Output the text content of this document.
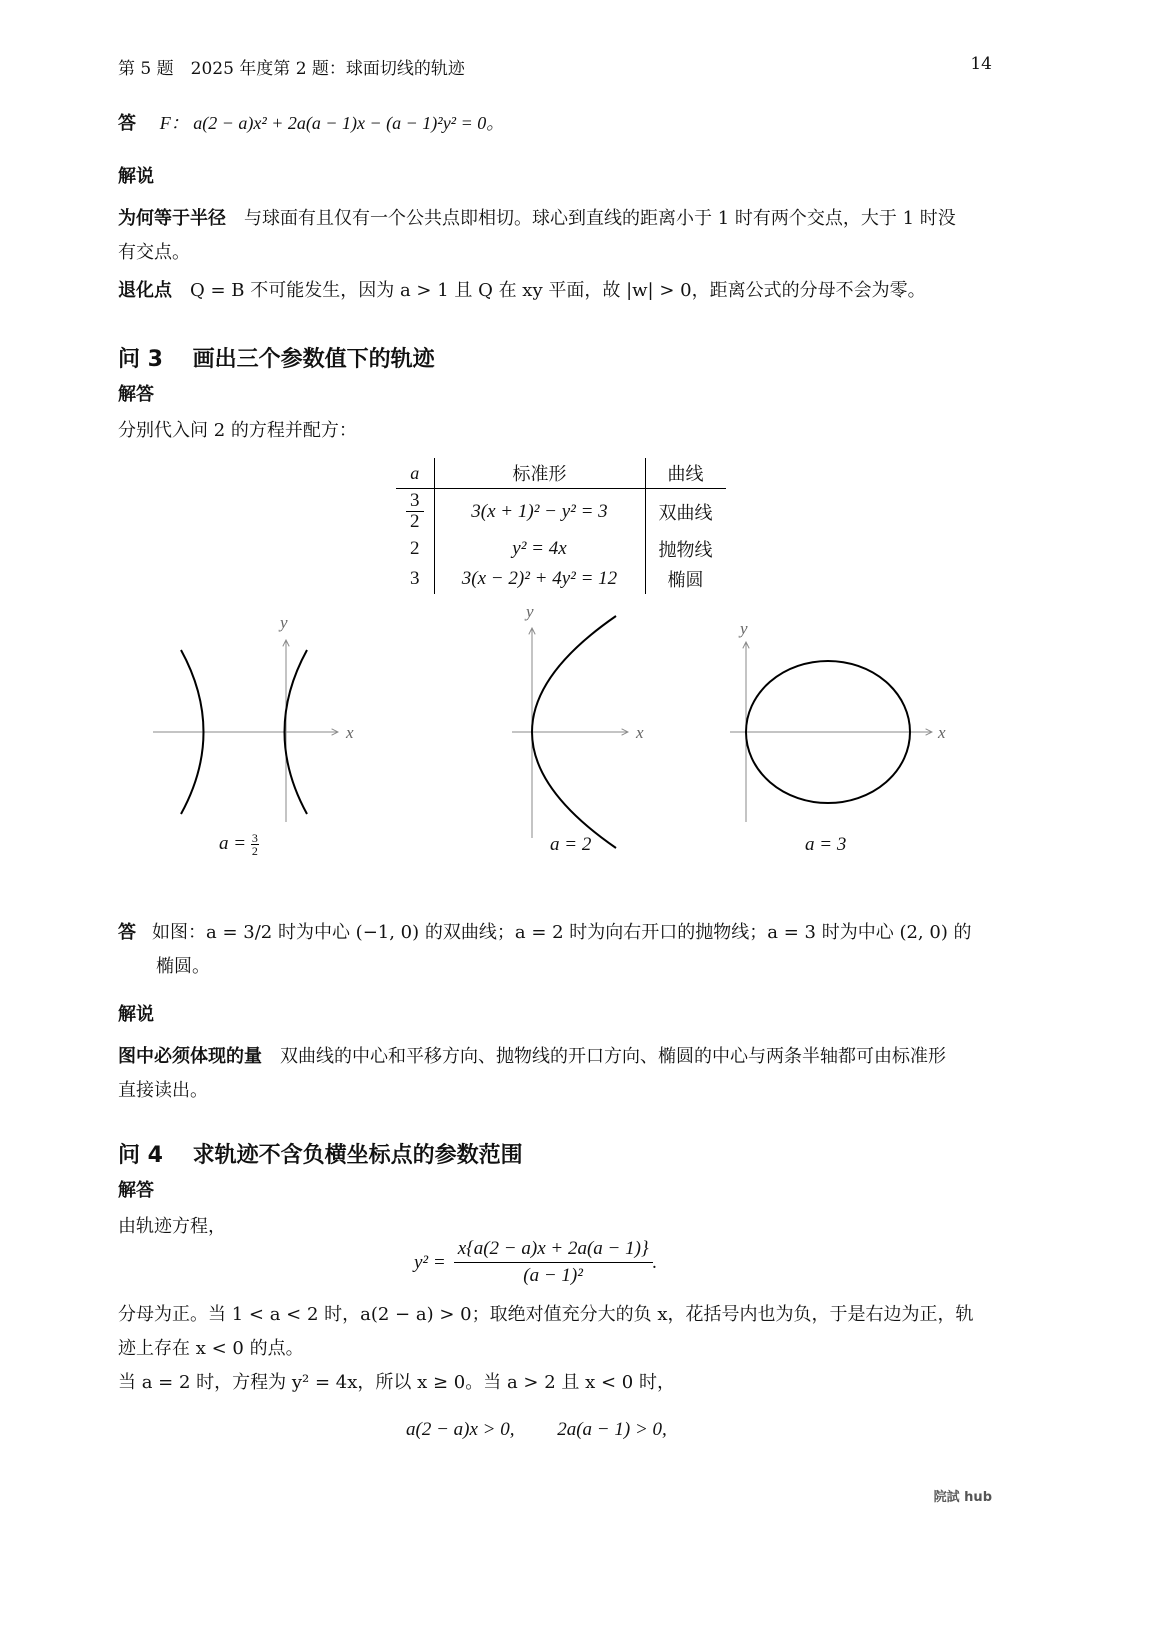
第 5 题　2025 年度第 2 题：球面切线的轨迹	14
答 F： a(2 − a)x² + 2a(a − 1)x − (a − 1)²y² = 0。
解说
为何等于半径 与球面有且仅有一个公共点即相切。球心到直线的距离小于 1 时有两个交点，大于 1 时没
有交点。
退化点 Q = B 不可能发生，因为 a > 1 且 Q 在 xy 平面，故 |w| > 0，距离公式的分母不会为零。
问 3　 画出三个参数值下的轨迹
解答
分别代入问 2 的方程并配方：
a	标准形	曲线

$\frac{3}{2}$	3(x + 1)² − y² = 3	双曲线
2	y² = 4x	抛物线
3	3(x − 2)² + 4y² = 12	椭圆
x
y
x
y
x
y
$a = \frac{3}{2}$	a = 2	a = 3
答 如图：a = 3/2 时为中心 (−1, 0) 的双曲线；a = 2 时为向右开口的抛物线；a = 3 时为中心 (2, 0) 的
椭圆。
解说
图中必须体现的量 双曲线的中心和平移方向、抛物线的开口方向、椭圆的中心与两条半轴都可由标准形
直接读出。
问 4　 求轨迹不含负横坐标点的参数范围
解答
由轨迹方程，
$y^2 = \frac{x\{a(2 - a)x + 2a(a - 1)\}}{\text{(a − 1)²}}$ .
分母为正。当 1 < a < 2 时，a(2 − a) > 0；取绝对值充分大的负 x，花括号内也为负，于是右边为正，轨
迹上存在 x < 0 的点。
当 a = 2 时，方程为 y² = 4x，所以 x ≥ 0。当 a > 2 且 x < 0 时，
a(2 − a)x > 0,　　 2a(a − 1) > 0,
院試 hub
